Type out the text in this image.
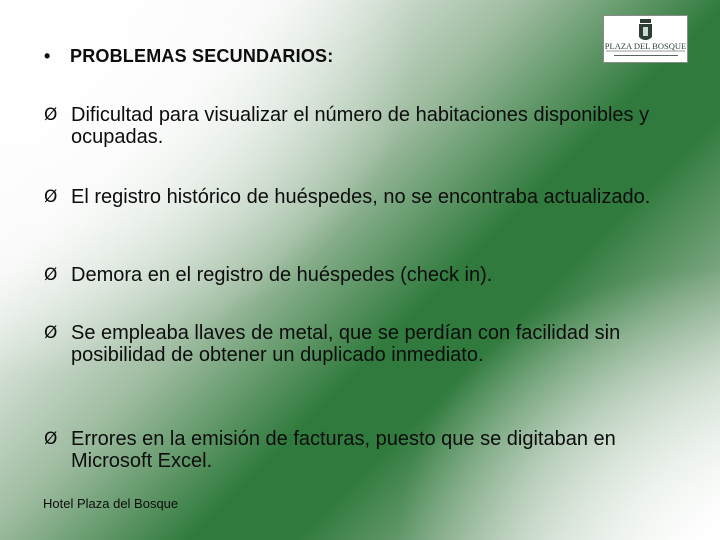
PLAZA DEL BOSQUE
• PROBLEMAS SECUNDARIOS:
Ø Dificultad para visualizar el número de habitaciones disponibles y ocupadas.
Ø El registro histórico de huéspedes, no se encontraba actualizado.
Ø Demora en el registro de huéspedes (check in).
Ø Se empleaba llaves de metal, que se perdían con facilidad sin posibilidad de obtener un duplicado inmediato.
Ø Errores en la emisión de facturas, puesto que se digitaban en Microsoft Excel.
Hotel Plaza del Bosque
